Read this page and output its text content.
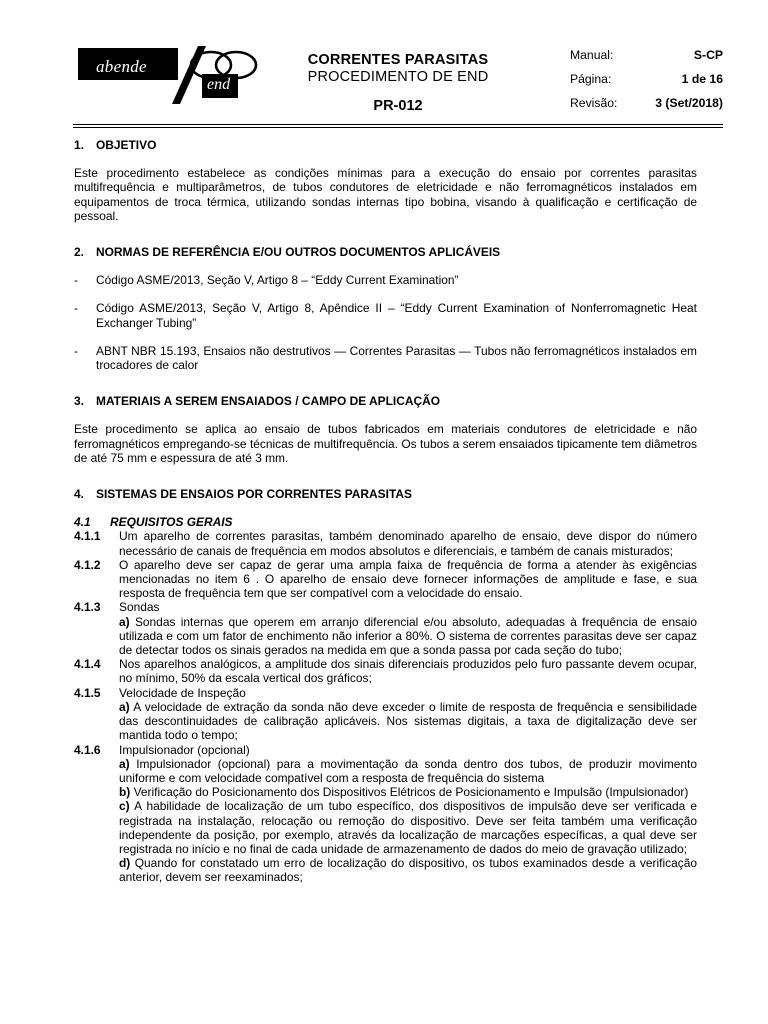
abende
end
CORRENTES PARASITAS
PROCEDIMENTO DE END
PR-012
Manual:	S-CP
Página:	1 de 16
Revisão:	3 (Set/2018)
1. OBJETIVO

Este procedimento estabelece as condições mínimas para a execução do ensaio por correntes parasitas multifrequência e multiparâmetros, de tubos condutores de eletricidade e não ferromagnéticos instalados em equipamentos de troca térmica, utilizando sondas internas tipo bobina, visando à qualificação e certificação de pessoal.

2. NORMAS DE REFERÊNCIA E/OU OUTROS DOCUMENTOS APLICÁVEIS
- Código ASME/2013, Seção V, Artigo 8 – “Eddy Current Examination”
- Código ASME/2013, Seção V, Artigo 8, Apêndice II – “Eddy Current Examination of Nonferromagnetic Heat Exchanger Tubing”
- ABNT NBR 15.193, Ensaios não destrutivos — Correntes Parasitas — Tubos não ferromagnéticos instalados em trocadores de calor
3. MATERIAIS A SEREM ENSAIADOS / CAMPO DE APLICAÇÃO

Este procedimento se aplica ao ensaio de tubos fabricados em materiais condutores de eletricidade e não ferromagnéticos empregando-se técnicas de multifrequência. Os tubos a serem ensaiados tipicamente tem diâmetros de até 75 mm e espessura de até 3 mm.

4. SISTEMAS DE ENSAIOS POR CORRENTES PARASITAS
4.1 REQUISITOS GERAIS
4.1.1 Um aparelho de correntes parasitas, também denominado aparelho de ensaio, deve dispor do número necessário de canais de frequência em modos absolutos e diferenciais, e também de canais misturados;
4.1.2 O aparelho deve ser capaz de gerar uma ampla faixa de frequência de forma a atender às exigências mencionadas no item 6 . O aparelho de ensaio deve fornecer informações de amplitude e fase, e sua resposta de frequência tem que ser compatível com a velocidade do ensaio.
4.1.3 Sondas
a) Sondas internas que operem em arranjo diferencial e/ou absoluto, adequadas à frequência de ensaio utilizada e com um fator de enchimento não inferior a 80%. O sistema de correntes parasitas deve ser capaz de detectar todos os sinais gerados na medida em que a sonda passa por cada seção do tubo;
4.1.4 Nos aparelhos analógicos, a amplitude dos sinais diferenciais produzidos pelo furo passante devem ocupar, no mínimo, 50% da escala vertical dos gráficos;
4.1.5 Velocidade de Inspeção
a) A velocidade de extração da sonda não deve exceder o limite de resposta de frequência e sensibilidade das descontinuidades de calibração aplicáveis. Nos sistemas digitais, a taxa de digitalização deve ser mantida todo o tempo;
4.1.6 Impulsionador (opcional)
a) Impulsionador (opcional) para a movimentação da sonda dentro dos tubos, de produzir movimento uniforme e com velocidade compatível com a resposta de frequência do sistema
b) Verificação do Posicionamento dos Dispositivos Elétricos de Posicionamento e Impulsão (Impulsionador)
c) A habilidade de localização de um tubo específico, dos dispositivos de impulsão deve ser verificada e registrada na instalação, relocação ou remoção do dispositivo. Deve ser feita também uma verificação independente da posição, por exemplo, através da localização de marcações específicas, a qual deve ser registrada no início e no final de cada unidade de armazenamento de dados do meio de gravação utilizado;
d) Quando for constatado um erro de localização do dispositivo, os tubos examinados desde a verificação anterior, devem ser reexaminados;
